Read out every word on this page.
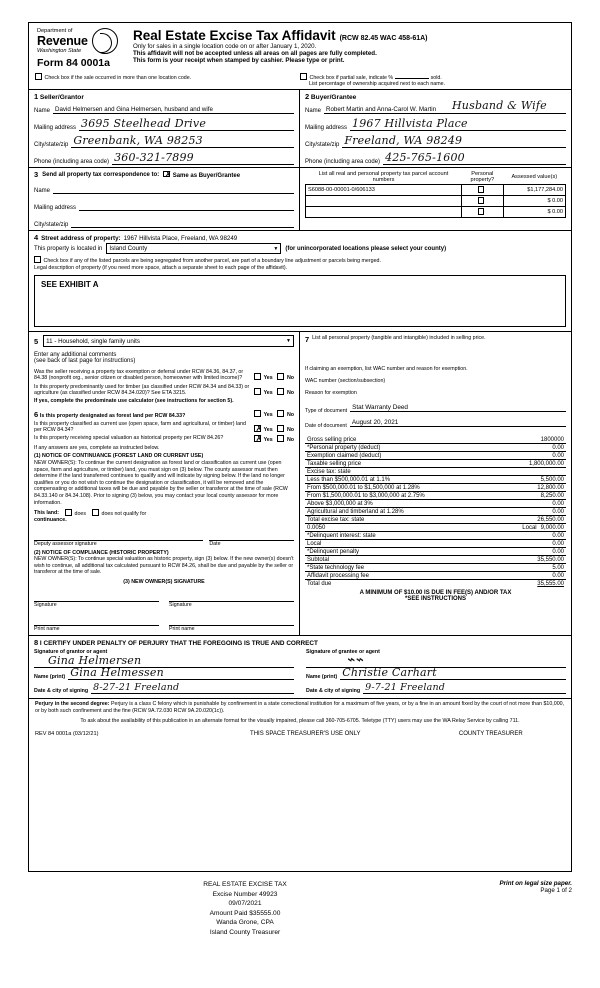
Department of
Revenue
Washington State
Form 84 0001a
Real Estate Excise Tax Affidavit (RCW 82.45 WAC 458-61A)
Only for sales in a single location code on or after January 1, 2020.
This affidavit will not be accepted unless all areas on all pages are fully completed.
This form is your receipt when stamped by cashier. Please type or print.
Check box if the sale occurred in more than one location code.	Check box if partial sale, indicate %	sold.
List percentage of ownership acquired next to each name.
1 Seller/Grantor
Name David Helmersen and Gina Helmersen, husband and wife
Mailing address 3695 Steelhead Drive
City/state/zip Greenbank, WA 98253
Phone (including area code) 360-321-7899
2 Buyer/Grantee
Name Robert Martin and Anna-Carol W. Martin Husband & Wife
Mailing address 1967 Hillvista Place
City/state/zip Freeland, WA 98249
Phone (including area code) 425-765-1600
3 Send all property tax correspondence to: ✗ Same as Buyer/Grantee
Name
Mailing address
City/state/zip
List all real and personal property tax parcel account numbers	Personal property?	Assessed value(s)
S6088-00-00001-0/606133		$1,177,284.00
		$ 0.00
		$ 0.00
4 Street address of property: 1967 Hillvista Place, Freeland, WA 98249
This property is located in Island County	▼ (for unincorporated locations please select your county)
Check box if any of the listed parcels are being segregated from another parcel, are part of a boundary line adjustment or parcels being merged.
Legal description of property (if you need more space, attach a separate sheet to each page of the affidavit).
SEE EXHIBIT A
5 11 - Household, single family units	▼
Enter any additional comments
(see back of last page for instructions)
Was the seller receiving a property tax exemption or deferral under RCW 84.36, 84.37, or 84.38 (nonprofit org., senior citizen or disabled person, homeowner with limited income)?	Yes	No
Is this property predominantly used for timber (as classified under RCW 84.34 and 84.33) or agriculture (as classified under RCW 84.34.020)? See ETA 3215.	Yes	No
If yes, complete the predominate use calculator (see instructions for section 5).
6 Is this property designated as forest land per RCW 84.33?	Yes	No
Is this property classified as current use (open space, farm and agricultural, or timber) land per RCW 84.34?	✗ Yes	No
Is this property receiving special valuation as historical property per RCW 84.26?	✗ Yes	No
If any answers are yes, complete as instructed below.
(1) NOTICE OF CONTINUANCE (FOREST LAND OR CURRENT USE)
NEW OWNER(S): To continue the current designation as forest land or classification as current use (open space, farm and agriculture, or timber) land, you must sign on (3) below. The county assessor must then determine if the land transferred continues to qualify and will indicate by signing below. If the land no longer qualifies or you do not wish to continue the designation or classification, it will be removed and the compensating or additional taxes will be due and payable by the seller or transferor at the time of sale (RCW 84.33.140 or 84.34.108). Prior to signing (3) below, you may contact your local county assessor for more information.
This land:	does	does not qualify for
continuance.
Deputy assessor signature	Date
(2) NOTICE OF COMPLIANCE (HISTORIC PROPERTY)
NEW OWNER(S): To continue special valuation as historic property, sign (3) below. If the new owner(s) doesn't wish to continue, all additional tax calculated pursuant to RCW 84.26, shall be due and payable by the seller or transferor at the time of sale.
(3) NEW OWNER(S) SIGNATURE
Signature	Signature
Print name	Print name
7 List all personal property (tangible and intangible) included in selling price.
If claiming an exemption, list WAC number and reason for exemption.
WAC number (section/subsection)
Reason for exemption
Type of document Stat Warranty Deed
Date of document August 20, 2021
Gross selling price	1800000
*Personal property (deduct)	0.00
Exemption claimed (deduct)	0.00
Taxable selling price	1,800,000.00
Excise tax: state
Less than $500,000.01 at 1.1%	5,500.00
From $500,000.01 to $1,500,000 at 1.28%	12,800.00
From $1,500,000.01 to $3,000,000 at 2.75%	8,250.00
Above $3,000,000 at 3%	0.00
Agricultural and timberland at 1.28%	0.00
Total excise tax: state	26,550.00
0.0050	Local 9,000.00
*Delinquent interest: state	0.00
Local	0.00
*Delinquent penalty	0.00
Subtotal	35,550.00
*State technology fee	5.00
Affidavit processing fee	0.00
Total due	35,555.00
A MINIMUM OF $10.00 IS DUE IN FEE(S) AND/OR TAX
*SEE INSTRUCTIONS
8 I CERTIFY UNDER PENALTY OF PERJURY THAT THE FOREGOING IS TRUE AND CORRECT
Signature of grantor or agent
Gina Helmersen
Name (print) Gina Helmessen
Date & city of signing 8-27-21 Freeland
Signature of grantee or agent
⌁⌁
Name (print) Christie Carhart
Date & city of signing 9-7-21 Freeland
Perjury in the second degree: Perjury is a class C felony which is punishable by confinement in a state correctional institution for a maximum of five years, or by a fine in an amount fixed by the court of not more than $10,000, or by both such confinement and the fine (RCW 9A.72.030 RCW 9A.20.020(1c)).
To ask about the availability of this publication in an alternate format for the visually impaired, please call 360-705-6705. Teletype (TTY) users may use the WA Relay Service by calling 711.
REV 84 0001a (03/12/21)	THIS SPACE TREASURER'S USE ONLY	COUNTY TREASURER
REAL ESTATE EXCISE TAX
Excise Number 49923
09/07/2021
Amount Paid $35555.00
Wanda Grone, CPA
Island County Treasurer
Print on legal size paper.
Page 1 of 2
